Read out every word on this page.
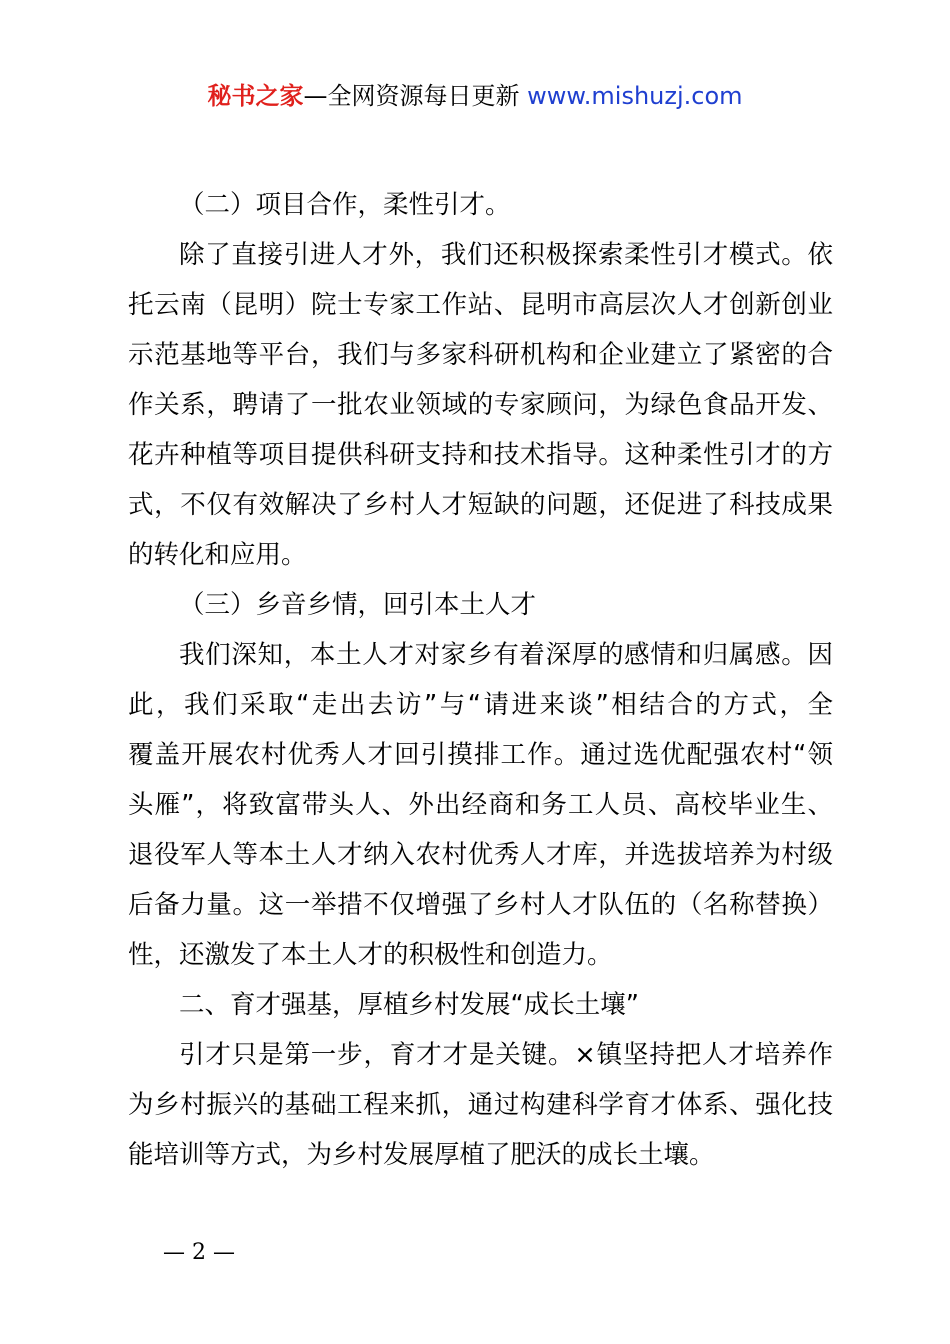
秘书之家—全网资源每日更新 www.mishuzj.com
（二）项目合作，柔性引才。
除了直接引进人才外，我们还积极探索柔性引才模式。依
托云南（昆明）院士专家工作站、昆明市高层次人才创新创业
示范基地等平台，我们与多家科研机构和企业建立了紧密的合
作关系，聘请了一批农业领域的专家顾问，为绿色食品开发、
花卉种植等项目提供科研支持和技术指导。这种柔性引才的方
式，不仅有效解决了乡村人才短缺的问题，还促进了科技成果
的转化和应用。
（三）乡音乡情，回引本土人才
我们深知，本土人才对家乡有着深厚的感情和归属感。因
此，我们采取“走出去访”与“请进来谈”相结合的方式，全
覆盖开展农村优秀人才回引摸排工作。通过选优配强农村“领
头雁”，将致富带头人、外出经商和务工人员、高校毕业生、
退役军人等本土人才纳入农村优秀人才库，并选拔培养为村级
后备力量。这一举措不仅增强了乡村人才队伍的（名称替换）
性，还激发了本土人才的积极性和创造力。
二、育才强基，厚植乡村发展“成长土壤”
引才只是第一步，育才才是关键。×镇坚持把人才培养作
为乡村振兴的基础工程来抓，通过构建科学育才体系、强化技
能培训等方式，为乡村发展厚植了肥沃的成长土壤。
— 2 —
